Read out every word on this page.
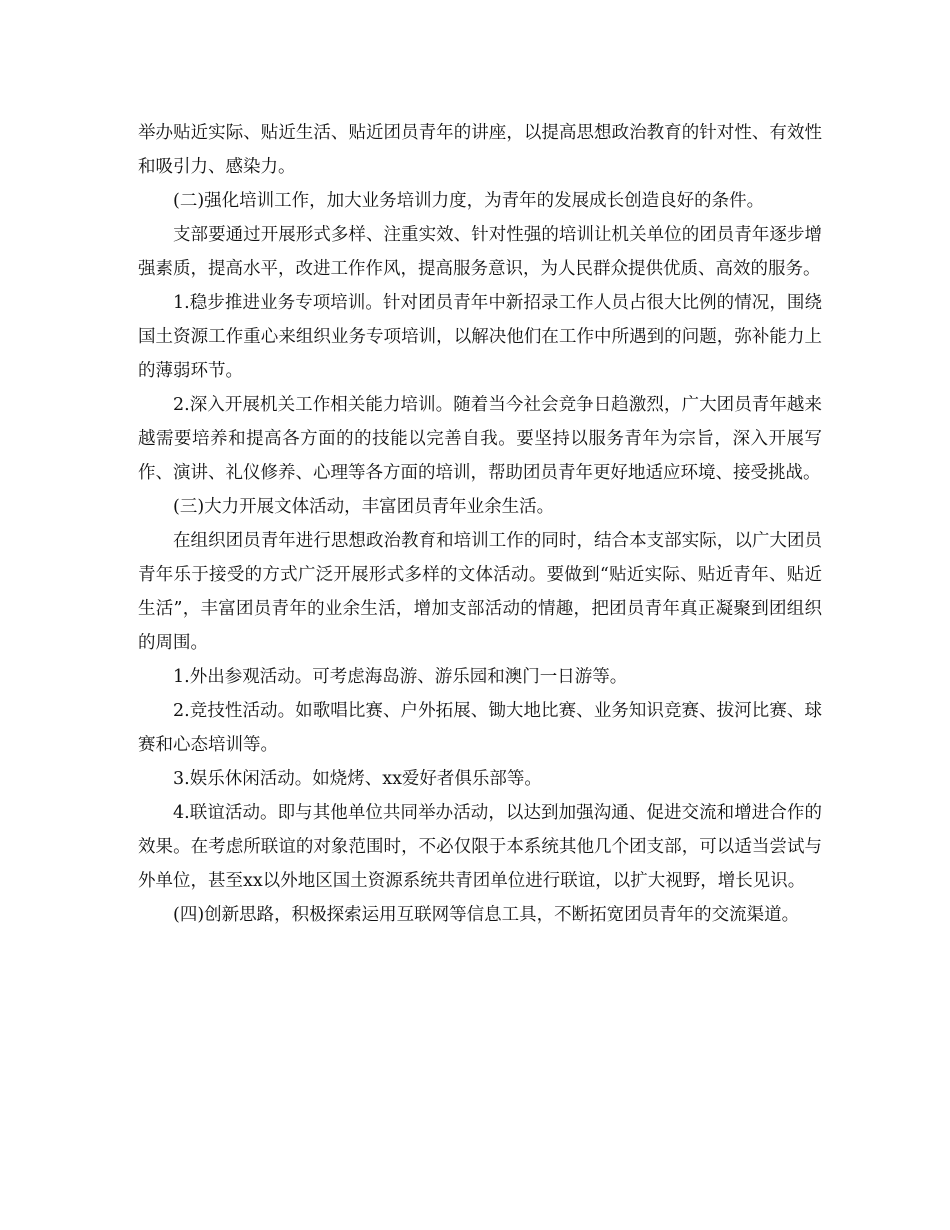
举办贴近实际、贴近生活、贴近团员青年的讲座，以提高思想政治教育的针对性、有效性和吸引力、感染力。

(二)强化培训工作，加大业务培训力度，为青年的发展成长创造良好的条件。

支部要通过开展形式多样、注重实效、针对性强的培训让机关单位的团员青年逐步增强素质，提高水平，改进工作作风，提高服务意识，为人民群众提供优质、高效的服务。

1.稳步推进业务专项培训。针对团员青年中新招录工作人员占很大比例的情况，围绕国土资源工作重心来组织业务专项培训，以解决他们在工作中所遇到的问题，弥补能力上的薄弱环节。

2.深入开展机关工作相关能力培训。随着当今社会竞争日趋激烈，广大团员青年越来越需要培养和提高各方面的的技能以完善自我。要坚持以服务青年为宗旨，深入开展写作、演讲、礼仪修养、心理等各方面的培训，帮助团员青年更好地适应环境、接受挑战。

(三)大力开展文体活动，丰富团员青年业余生活。

在组织团员青年进行思想政治教育和培训工作的同时，结合本支部实际，以广大团员青年乐于接受的方式广泛开展形式多样的文体活动。要做到“贴近实际、贴近青年、贴近生活”，丰富团员青年的业余生活，增加支部活动的情趣，把团员青年真正凝聚到团组织的周围。

1.外出参观活动。可考虑海岛游、游乐园和澳门一日游等。

2.竞技性活动。如歌唱比赛、户外拓展、锄大地比赛、业务知识竞赛、拔河比赛、球赛和心态培训等。

3.娱乐休闲活动。如烧烤、xx爱好者俱乐部等。

4.联谊活动。即与其他单位共同举办活动，以达到加强沟通、促进交流和增进合作的效果。在考虑所联谊的对象范围时，不必仅限于本系统其他几个团支部，可以适当尝试与外单位，甚至xx以外地区国土资源系统共青团单位进行联谊，以扩大视野，增长见识。

(四)创新思路，积极探索运用互联网等信息工具，不断拓宽团员青年的交流渠道。
